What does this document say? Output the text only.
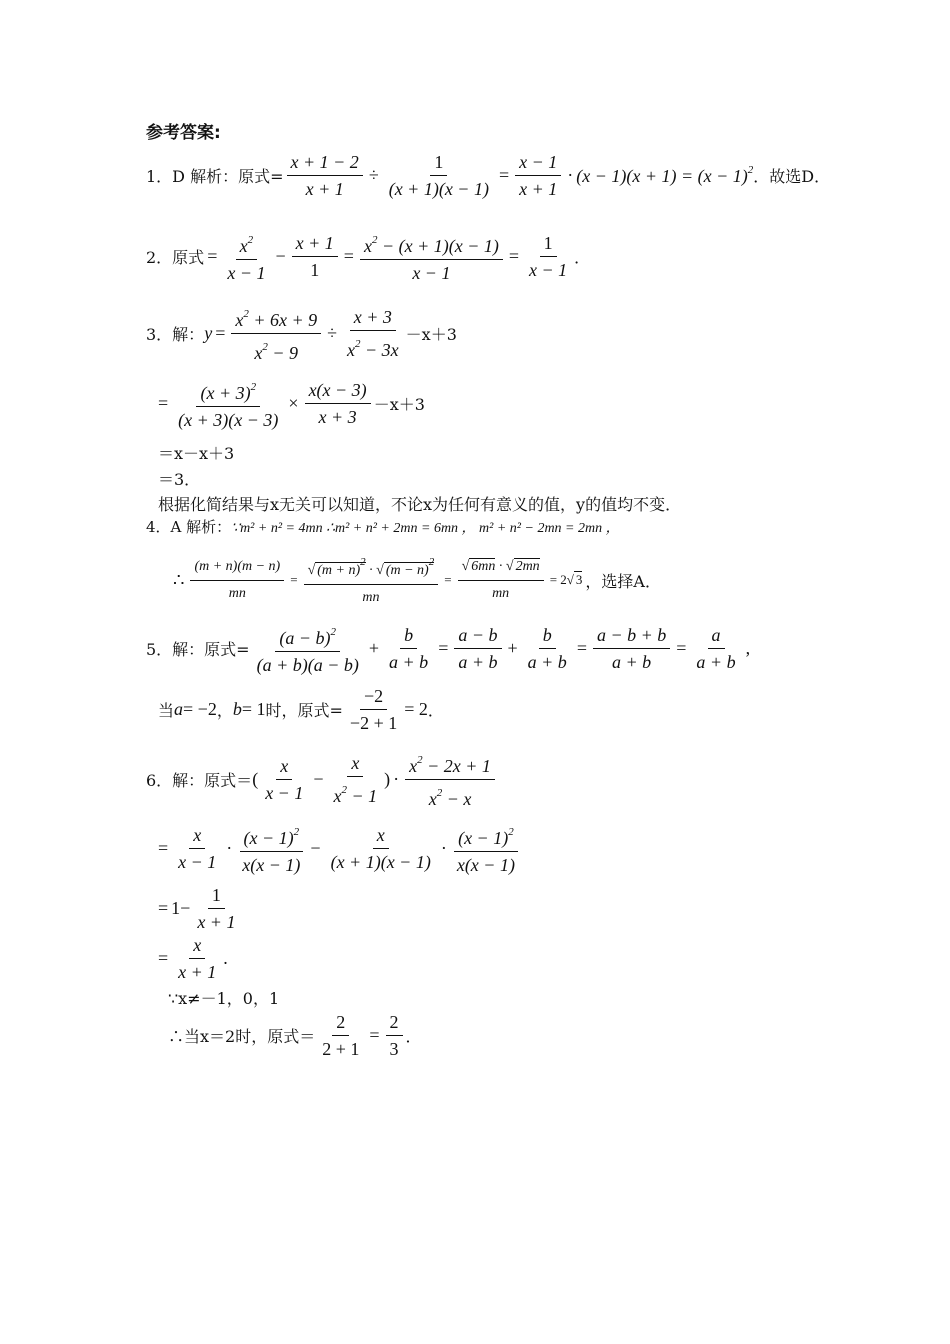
参考答案:
1．D 解析：原式= $\frac{x + 1 - 2}{x + 1} \div \frac{1}{(x + 1)(x - 1)} = \frac{x - 1}{x + 1} \cdot (x - 1)(x + 1) = (x - 1)^2$ ．故选D．
2．原式 = $\frac{x^2}{x - 1} - \frac{x + 1}{1} = \frac{x^2 - (x + 1)(x - 1)}{x - 1} = \frac{1}{x - 1}$ ．
3．解： $y = \frac{x^2 + 6x + 9}{x^2 - 9} \div \frac{x + 3}{x^2 - 3x} -x+3$
= $\frac{(x + 3)^2}{(x + 3)(x - 3)} \times \frac{x(x - 3)}{x + 3} -x+3$
＝x－x＋3
＝3．
根据化简结果与x无关可以知道，不论x为任何有意义的值，y的值均不变．
4．A 解析： ∵m² + n² = 4mn ∴m² + n² + 2mn = 6mn ， m² + n² − 2mn = 2mn ，
∴ $\frac{(m + n)(m - n)}{mn} = \frac{√ (m + n)^2 \cdot √ (m - n)^2}{mn} = \frac{√ 6mn \cdot √ 2mn}{mn} = 2√$ 3 ，选择A．
5．解：原式= $\frac{(a - b)^2}{(a + b)(a - b)} + \frac{b}{a + b} = \frac{a - b}{a + b} + \frac{b}{a + b} = \frac{a - b + b}{a + b} = \frac{a}{a + b}$ ,
当 a = −2 ， b = 1 时，原式= $\frac{-2}{-2 + 1} = 2$ ．
6．解：原式＝ ( $\frac{x}{x - 1} - \frac{x}{x^2 - 1}$ ) · $\frac{x^2 - 2x + 1}{x^2 - x}$
= $\frac{x}{x - 1} \cdot \frac{(x - 1)^2}{x(x - 1)} - \frac{x}{(x + 1)(x - 1)} \cdot \frac{(x - 1)^2}{x(x - 1)}$
= $1- \frac{1}{x + 1}$
= $\frac{x}{x + 1}$ .
∵x≠－1，0，1
∴当x＝2时，原式＝ $\frac{2}{2 + 1} = \frac{2}{3}$ ．
